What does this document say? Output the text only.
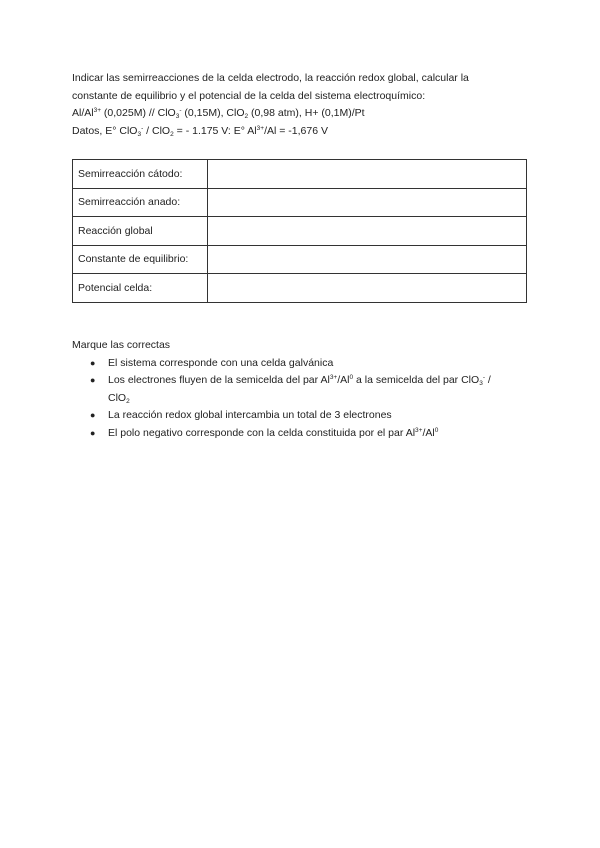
Indicar las semirreacciones de la celda electrodo, la reacción redox global, calcular la

constante de equilibrio y el potencial de la celda del sistema electroquímico:

$Al/Al^{3+}$ (0,025M) // ClO$_3$- (0,15M), ClO$_2$ (0,98 atm), H+ (0,1M)/Pt

Datos, E° ClO$_3$- / ClO$_2$ = - 1.175 V: E° $Al^{3+}/Al = -1,676$ V

Semirreacción cátodo:	
Semirreacción anado:	
Reacción global	
Constante de equilibrio:	
Potencial celda:	

Marque las correctas

● El sistema corresponde con una celda galvánica
● Los electrones fluyen de la semicelda del par $Al^{3+}/Al^0$ a la semicelda del par ClO$_3$- /
ClO$_2$
● La reacción redox global intercambia un total de 3 electrones
● El polo negativo corresponde con la celda constituida por el par $Al^{3+}/Al^0$
